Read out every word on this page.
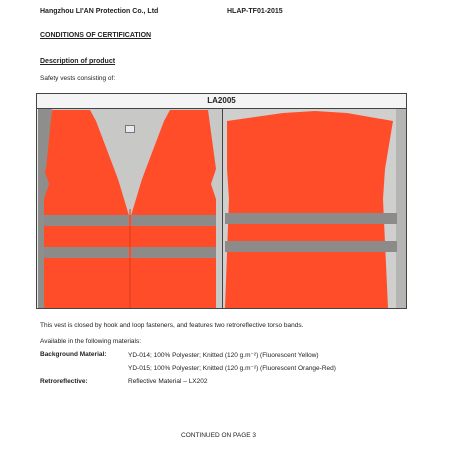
Hangzhou LI'AN Protection Co., Ltd	HLAP-TF01-2015
CONDITIONS OF CERTIFICATION
Description of product
Safety vests consisting of:
LA2005
This vest is closed by hook and loop fasteners, and features two retroreflective torso bands.
Available in the following materials:
Background Material:	YD-014; 100% Polyester; Knitted (120 g.m⁻²) (Fluorescent Yellow)
YD-015; 100% Polyester; Knitted (120 g.m⁻²) (Fluorescent Orange-Red)
Retroreflective:	Reflective Material – LX202
CONTINUED ON PAGE 3
